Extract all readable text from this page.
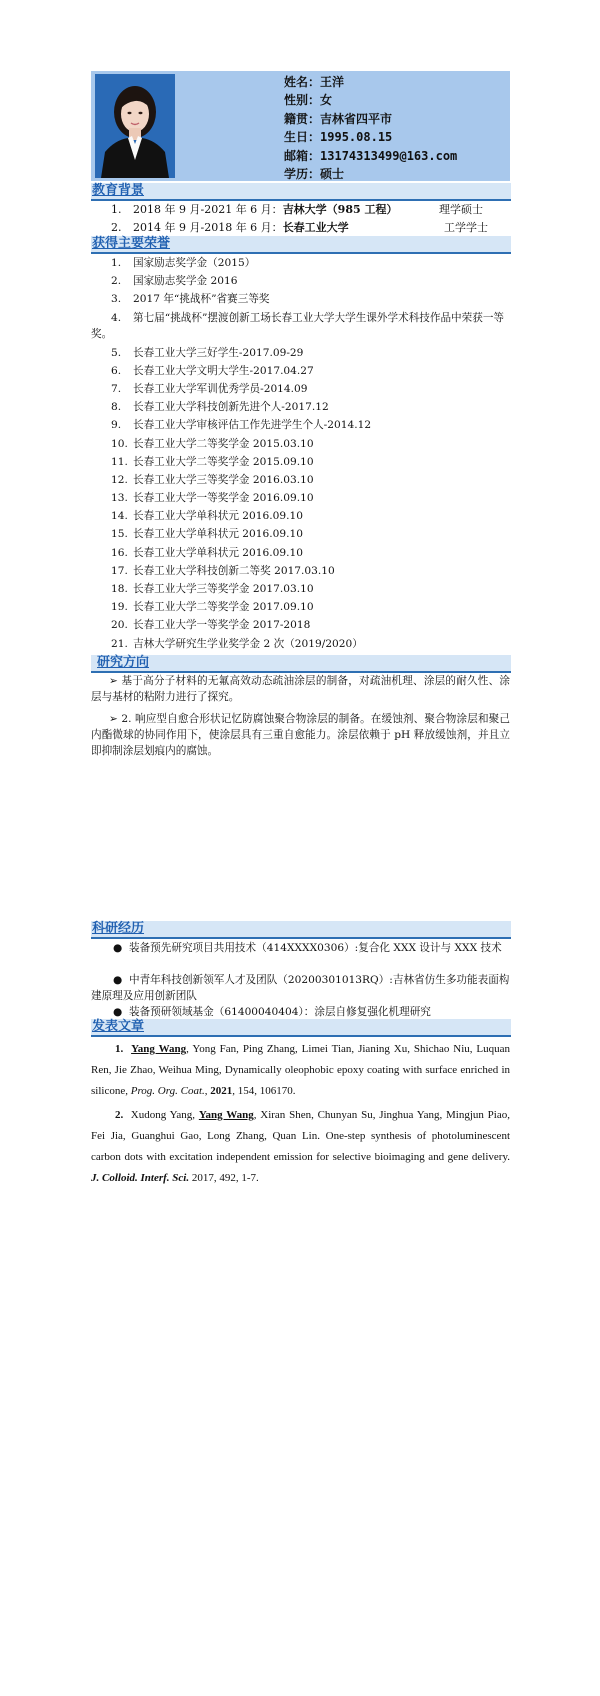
姓名：王洋
性别：女
籍贯：吉林省四平市
生日：1995.08.15
邮箱：13174313499@163.com
学历：硕士
教育背景
1. 2018 年 9 月-2021 年 6 月：吉林大学（985 工程）	理学硕士
2. 2014 年 9 月-2018 年 6 月：长春工业大学	工学学士
获得主要荣誉
1.	国家励志奖学金（2015）
2.	国家励志奖学金 2016
3.	2017 年“挑战杯”省赛三等奖
4.	第七届“挑战杯”摆渡创新工场长春工业大学大学生课外学术科技作品中荣获一等奖。
5.	长春工业大学三好学生-2017.09-29
6.	长春工业大学文明大学生-2017.04.27
7.	长春工业大学军训优秀学员-2014.09
8.	长春工业大学科技创新先进个人-2017.12
9.	长春工业大学审核评估工作先进学生个人-2014.12
10. 长春工业大学二等奖学金 2015.03.10
11. 长春工业大学二等奖学金 2015.09.10
12. 长春工业大学三等奖学金 2016.03.10
13. 长春工业大学一等奖学金 2016.09.10
14. 长春工业大学单科状元 2016.09.10
15. 长春工业大学单科状元 2016.09.10
16. 长春工业大学单科状元 2016.09.10
17. 长春工业大学科技创新二等奖 2017.03.10
18. 长春工业大学三等奖学金 2017.03.10
19. 长春工业大学二等奖学金 2017.09.10
20. 长春工业大学一等奖学金 2017-2018
21. 吉林大学研究生学业奖学金 2 次（2019/2020）
研究方向
➢ 基于高分子材料的无氟高效动态疏油涂层的制备，对疏油机理、涂层的耐久性、涂层与基材的粘附力进行了探究。
➢ 2. 响应型自愈合形状记忆防腐蚀聚合物涂层的制备。在缓蚀剂、聚合物涂层和聚己内酯微球的协同作用下，使涂层具有三重自愈能力。涂层依赖于 pH 释放缓蚀剂，并且立即抑制涂层划痕内的腐蚀。
科研经历
● 装备预先研究项目共用技术（414XXXX0306）:复合化 XXX 设计与 XXX 技术
● 中青年科技创新领军人才及团队（20200301013RQ）:吉林省仿生多功能表面构建原理及应用创新团队
● 装备预研领域基金（61400040404）：涂层自修复强化机理研究
发表文章
1. Yang Wang, Yong Fan, Ping Zhang, Limei Tian, Jianing Xu, Shichao Niu, Luquan Ren, Jie Zhao, Weihua Ming, Dynamically oleophobic epoxy coating with surface enriched in silicone, Prog. Org. Coat., 2021, 154, 106170.
2. Xudong Yang, Yang Wang, Xiran Shen, Chunyan Su, Jinghua Yang, Mingjun Piao, Fei Jia, Guanghui Gao, Long Zhang, Quan Lin. One-step synthesis of photoluminescent carbon dots with excitation independent emission for selective bioimaging and gene delivery. J. Colloid. Interf. Sci. 2017, 492, 1-7.
